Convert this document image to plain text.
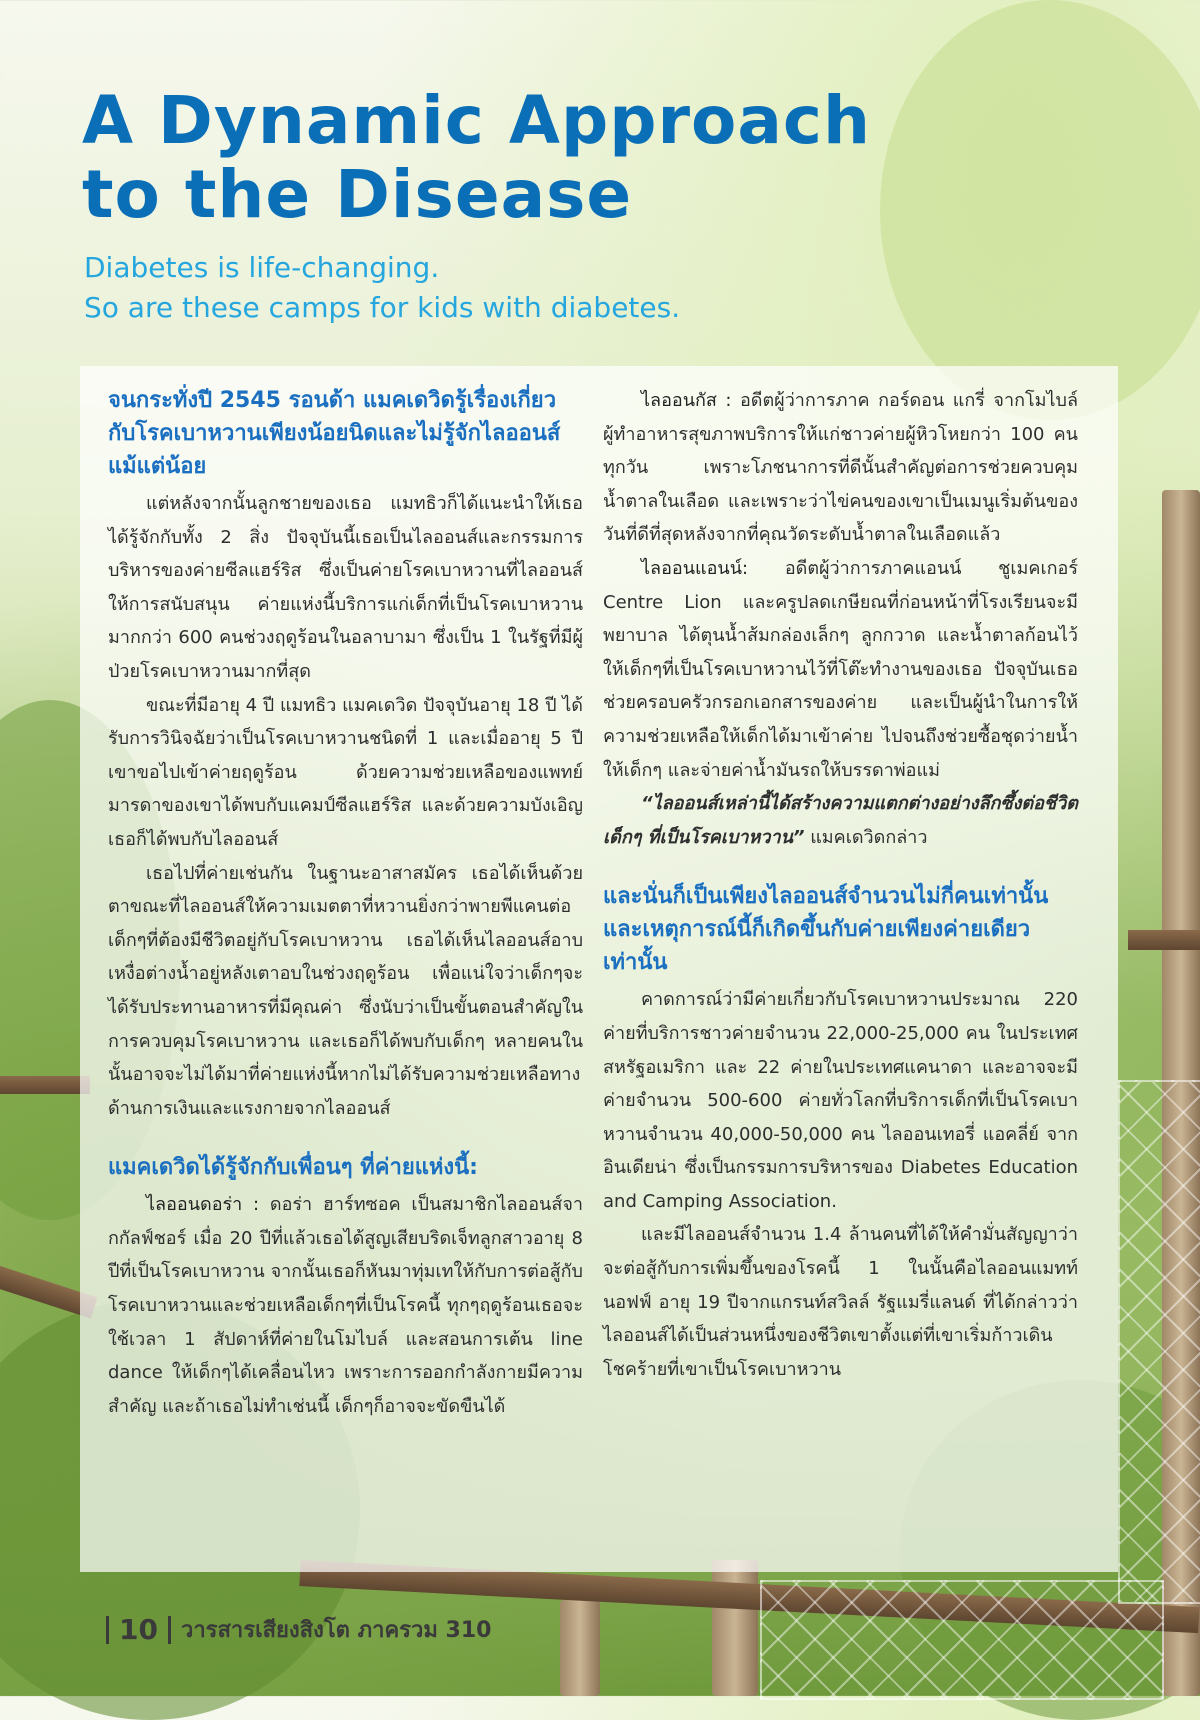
A Dynamic Approach
to the Disease
Diabetes is life-changing.
So are these camps for kids with diabetes.
จนกระทั่งปี 2545 รอนด้า แมคเดวิดรู้เรื่องเกี่ยวกับโรคเบาหวานเพียงน้อยนิดและไม่รู้จักไลออนส์แม้แต่น้อย

แต่หลังจากนั้นลูกชายของเธอ แมทธิวก็ได้แนะนำให้เธอได้รู้จักกับทั้ง 2 สิ่ง ปัจจุบันนี้เธอเป็นไลออนส์และกรรมการบริหารของค่ายซีลแฮร์ริส ซึ่งเป็นค่ายโรคเบาหวานที่ไลออนส์ให้การสนับสนุน ค่ายแห่งนี้บริการแก่เด็กที่เป็นโรคเบาหวานมากกว่า 600 คนช่วงฤดูร้อนในอลาบามา ซึ่งเป็น 1 ในรัฐที่มีผู้ป่วยโรคเบาหวานมากที่สุด

ขณะที่มีอายุ 4 ปี แมทธิว แมคเดวิด ปัจจุบันอายุ 18 ปี ได้รับการวินิจฉัยว่าเป็นโรคเบาหวานชนิดที่ 1 และเมื่ออายุ 5 ปี เขาขอไปเข้าค่ายฤดูร้อน ด้วยความช่วยเหลือของแพทย์ มารดาของเขาได้พบกับแคมป์ซีลแฮร์ริส และด้วยความบังเอิญ เธอก็ได้พบกับไลออนส์

เธอไปที่ค่ายเช่นกัน ในฐานะอาสาสมัคร เธอได้เห็นด้วยตาขณะที่ไลออนส์ให้ความเมตตาที่หวานยิ่งกว่าพายพีแคนต่อเด็กๆที่ต้องมีชีวิตอยู่กับโรคเบาหวาน เธอได้เห็นไลออนส์อาบเหงื่อต่างน้ำอยู่หลังเตาอบในช่วงฤดูร้อน เพื่อแน่ใจว่าเด็กๆจะได้รับประทานอาหารที่มีคุณค่า ซึ่งนับว่าเป็นขั้นตอนสำคัญในการควบคุมโรคเบาหวาน และเธอก็ได้พบกับเด็กๆ หลายคนในนั้นอาจจะไม่ได้มาที่ค่ายแห่งนี้หากไม่ได้รับความช่วยเหลือทางด้านการเงินและแรงกายจากไลออนส์

แมคเดวิดได้รู้จักกับเพื่อนๆ ที่ค่ายแห่งนี้:

ไลออนดอร่า : ดอร่า ฮาร์ทซอค เป็นสมาชิกไลออนส์จากกัลฟ์ชอร์ เมื่อ 20 ปีที่แล้วเธอได้สูญเสียบริดเจ็ทลูกสาวอายุ 8 ปีที่เป็นโรคเบาหวาน จากนั้นเธอก็หันมาทุ่มเทให้กับการต่อสู้กับโรคเบาหวานและช่วยเหลือเด็กๆที่เป็นโรคนี้ ทุกๆฤดูร้อนเธอจะใช้เวลา 1 สัปดาห์ที่ค่ายในโมไบล์ และสอนการเต้น line dance ให้เด็กๆได้เคลื่อนไหว เพราะการออกกำลังกายมีความสำคัญ และถ้าเธอไม่ทำเช่นนี้ เด็กๆก็อาจจะขัดขืนได้

ไลออนกัส : อดีตผู้ว่าการภาค กอร์ดอน แกรี่ จากโมไบล์ ผู้ทำอาหารสุขภาพบริการให้แก่ชาวค่ายผู้หิวโหยกว่า 100 คนทุกวัน เพราะโภชนาการที่ดีนั้นสำคัญต่อการช่วยควบคุมน้ำตาลในเลือด และเพราะว่าไข่คนของเขาเป็นเมนูเริ่มต้นของวันที่ดีที่สุดหลังจากที่คุณวัดระดับน้ำตาลในเลือดแล้ว

ไลออนแอนน์: อดีตผู้ว่าการภาคแอนน์ ชูเมคเกอร์ Centre Lion และครูปลดเกษียณที่ก่อนหน้าที่โรงเรียนจะมีพยาบาล ได้ตุนน้ำส้มกล่องเล็กๆ ลูกกวาด และน้ำตาลก้อนไว้ให้เด็กๆที่เป็นโรคเบาหวานไว้ที่โต๊ะทำงานของเธอ ปัจจุบันเธอช่วยครอบครัวกรอกเอกสารของค่าย และเป็นผู้นำในการให้ความช่วยเหลือให้เด็กได้มาเข้าค่าย ไปจนถึงช่วยซื้อชุดว่ายน้ำให้เด็กๆ และจ่ายค่าน้ำมันรถให้บรรดาพ่อแม่

“ไลออนส์เหล่านี้ได้สร้างความแตกต่างอย่างลึกซึ้งต่อชีวิตเด็กๆ ที่เป็นโรคเบาหวาน” แมคเดวิดกล่าว

และนั่นก็เป็นเพียงไลออนส์จำนวนไม่กี่คนเท่านั้นและเหตุการณ์นี้ก็เกิดขึ้นกับค่ายเพียงค่ายเดียวเท่านั้น

คาดการณ์ว่ามีค่ายเกี่ยวกับโรคเบาหวานประมาณ 220 ค่ายที่บริการชาวค่ายจำนวน 22,000-25,000 คน ในประเทศสหรัฐอเมริกา และ 22 ค่ายในประเทศแคนาดา และอาจจะมีค่ายจำนวน 500-600 ค่ายทั่วโลกที่บริการเด็กที่เป็นโรคเบาหวานจำนวน 40,000-50,000 คน ไลออนเทอรี่ แอคลี่ย์ จากอินเดียน่า ซึ่งเป็นกรรมการบริหารของ Diabetes Education and Camping Association.

และมีไลออนส์จำนวน 1.4 ล้านคนที่ได้ให้คำมั่นสัญญาว่าจะต่อสู้กับการเพิ่มขึ้นของโรคนี้ 1 ในนั้นคือไลออนแมทท์ นอฟฟ์ อายุ 19 ปีจากแกรนท์สวิลล์ รัฐแมรี่แลนด์ ที่ได้กล่าวว่าไลออนส์ได้เป็นส่วนหนึ่งของชีวิตเขาตั้งแต่ที่เขาเริ่มก้าวเดินโชคร้ายที่เขาเป็นโรคเบาหวาน

10 วารสารเสียงสิงโต ภาครวม 310
